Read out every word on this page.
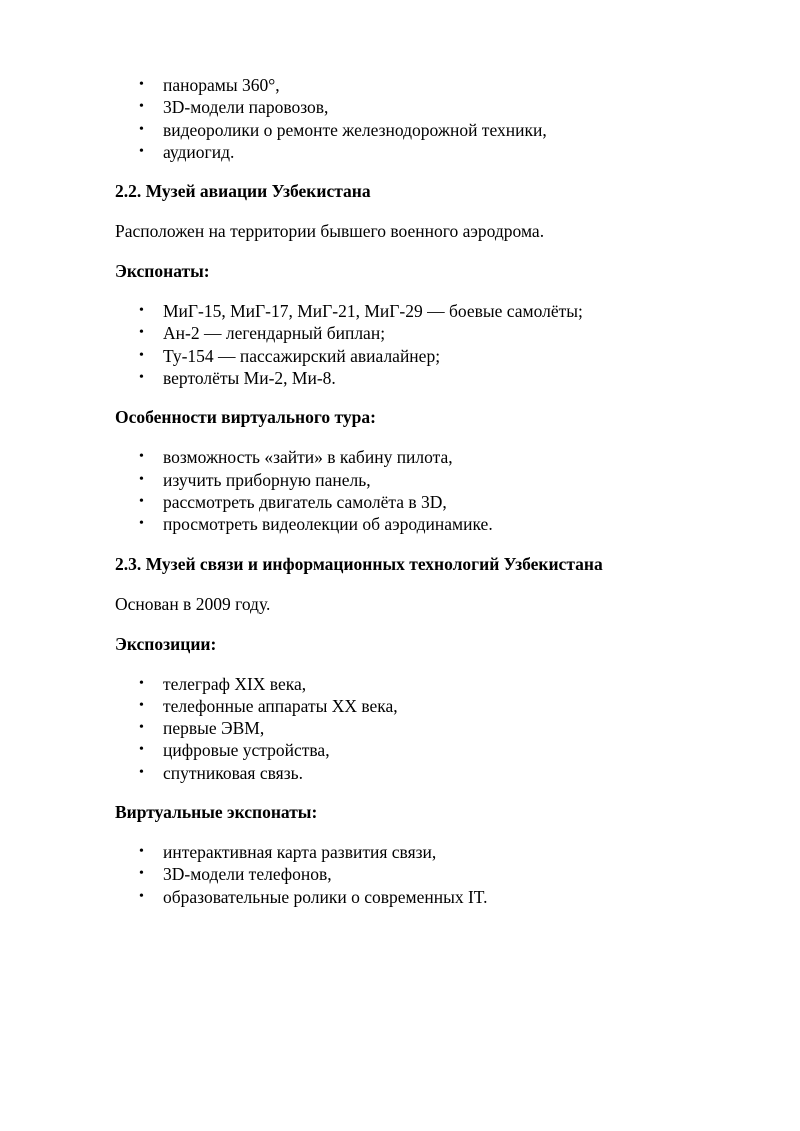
• панорамы 360°,
• 3D-модели паровозов,
• видеоролики о ремонте железнодорожной техники,
• аудиогид.

2.2. Музей авиации Узбекистана

Расположен на территории бывшего военного аэродрома.

Экспонаты:

• МиГ-15, МиГ-17, МиГ-21, МиГ-29 — боевые самолёты;
• Ан-2 — легендарный биплан;
• Ту-154 — пассажирский авиалайнер;
• вертолёты Ми-2, Ми-8.

Особенности виртуального тура:

• возможность «зайти» в кабину пилота,
• изучить приборную панель,
• рассмотреть двигатель самолёта в 3D,
• просмотреть видеолекции об аэродинамике.

2.3. Музей связи и информационных технологий Узбекистана

Основан в 2009 году.

Экспозиции:

• телеграф XIX века,
• телефонные аппараты XX века,
• первые ЭВМ,
• цифровые устройства,
• спутниковая связь.

Виртуальные экспонаты:

• интерактивная карта развития связи,
• 3D-модели телефонов,
• образовательные ролики о современных IT.
